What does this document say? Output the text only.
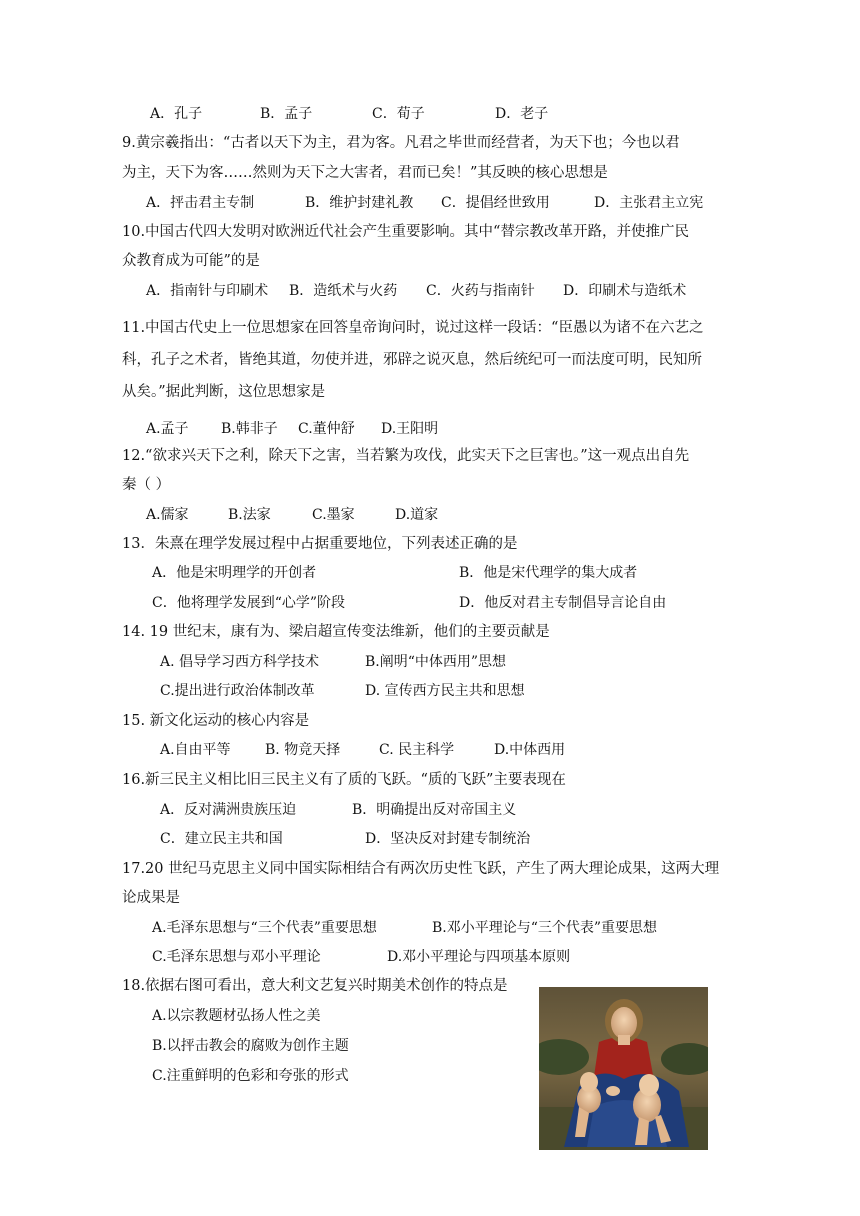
A．孔子	B．孟子	C．荀子	D．老子
9.黄宗羲指出：“古者以天下为主，君为客。凡君之毕世而经营者，为天下也；今也以君
为主，天下为客……然则为天下之大害者，君而已矣！”其反映的核心思想是
A．抨击君主专制	B．维护封建礼教 C．提倡经世致用	D．主张君主立宪
10.中国古代四大发明对欧洲近代社会产生重要影响。其中“替宗教改革开路，并使推广民
众教育成为可能”的是
A．指南针与印刷术 B．造纸术与火药 C．火药与指南针 D．印刷术与造纸术
11.中国古代史上一位思想家在回答皇帝询问时，说过这样一段话：“臣愚以为诸不在六艺之
科，孔子之术者，皆绝其道，勿使并进，邪辟之说灭息，然后统纪可一而法度可明，民知所
从矣。”据此判断，这位思想家是
A.孟子 B.韩非子 C.董仲舒 D.王阳明
12.“欲求兴天下之利，除天下之害，当若繁为攻伐，此实天下之巨害也。”这一观点出自先
秦（ ）
A.儒家	B.法家	C.墨家	D.道家
13．朱熹在理学发展过程中占据重要地位，下列表述正确的是
A．他是宋明理学的开创者	B．他是宋代理学的集大成者
C．他将理学发展到“心学”阶段	D．他反对君主专制倡导言论自由
14. 19 世纪末，康有为、梁启超宣传变法维新，他们的主要贡献是
A. 倡导学习西方科学技术	B.阐明“中体西用”思想
C.提出进行政治体制改革	D. 宣传西方民主共和思想
15. 新文化运动的核心内容是
A.自由平等 B. 物竞天择	C. 民主科学	D.中体西用
16.新三民主义相比旧三民主义有了质的飞跃。“质的飞跃”主要表现在
A．反对满洲贵族压迫	B．明确提出反对帝国主义
C．建立民主共和国	D．坚决反对封建专制统治
17.20 世纪马克思主义同中国实际相结合有两次历史性飞跃，产生了两大理论成果，这两大理
论成果是
A.毛泽东思想与“三个代表”重要思想	B.邓小平理论与“三个代表”重要思想
C.毛泽东思想与邓小平理论	D.邓小平理论与四项基本原则
18.依据右图可看出，意大利文艺复兴时期美术创作的特点是
A.以宗教题材弘扬人性之美
B.以抨击教会的腐败为创作主题
C.注重鲜明的色彩和夸张的形式
